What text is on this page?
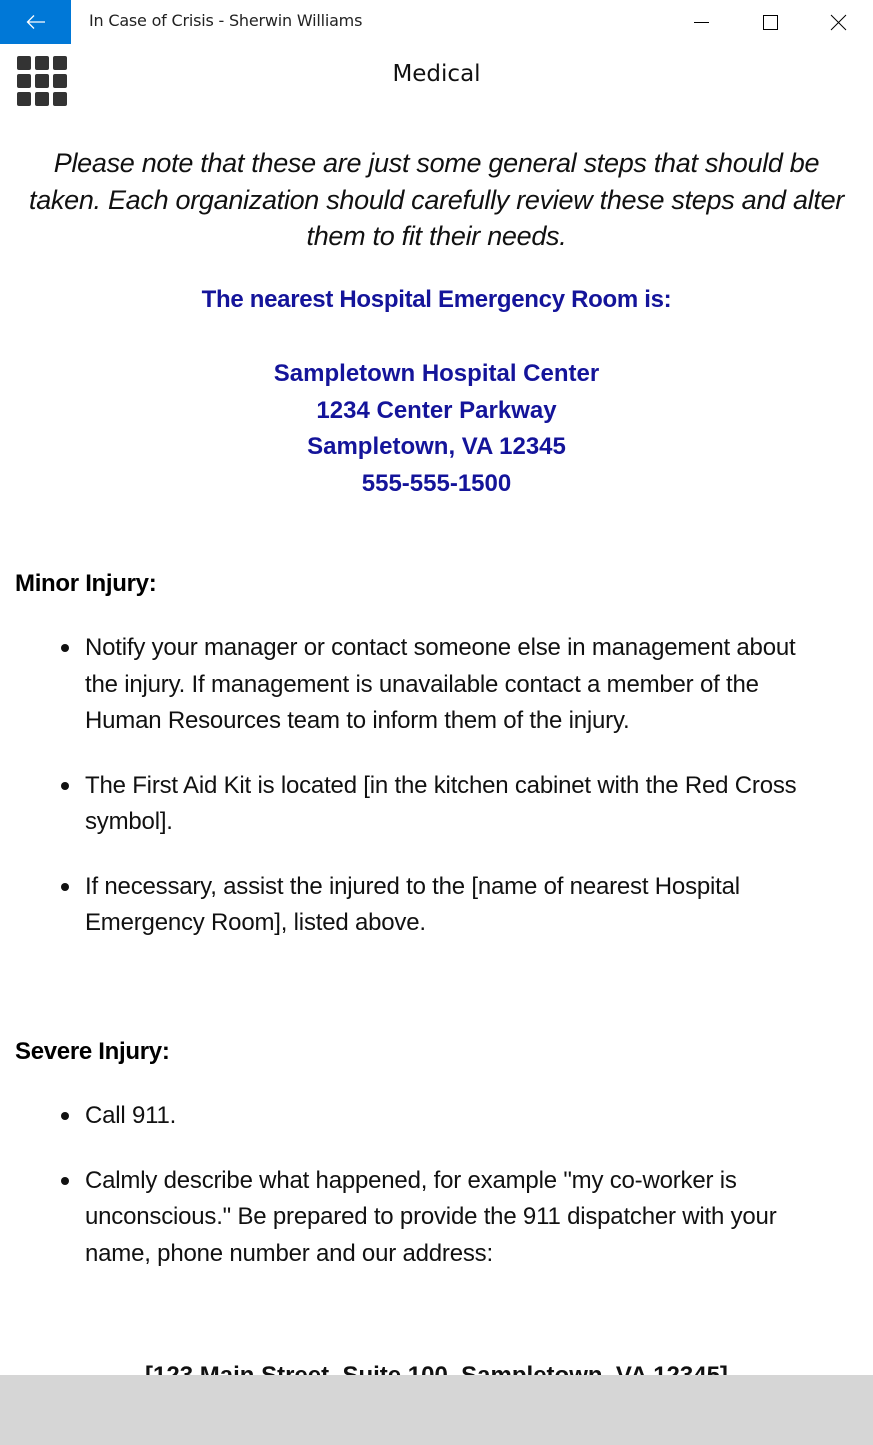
Please note that these are just some general steps that should be taken. Each organization should carefully review these steps and alter them to fit their needs.
The nearest Hospital Emergency Room is:
Sampletown Hospital Center
1234 Center Parkway
Sampletown, VA 12345
555-555-1500
Minor Injury:
Notify your manager or contact someone else in management about the injury. If management is unavailable contact a member of the Human Resources team to inform them of the injury.
The First Aid Kit is located [in the kitchen cabinet with the Red Cross symbol].
If necessary, assist the injured to the [name of nearest Hospital Emergency Room], listed above.
Severe Injury:
Call 911.
Calmly describe what happened, for example "my co-worker is unconscious." Be prepared to provide the 911 dispatcher with your name, phone number and our address:
In Case of Crisis - Sherwin Williams
Medical
